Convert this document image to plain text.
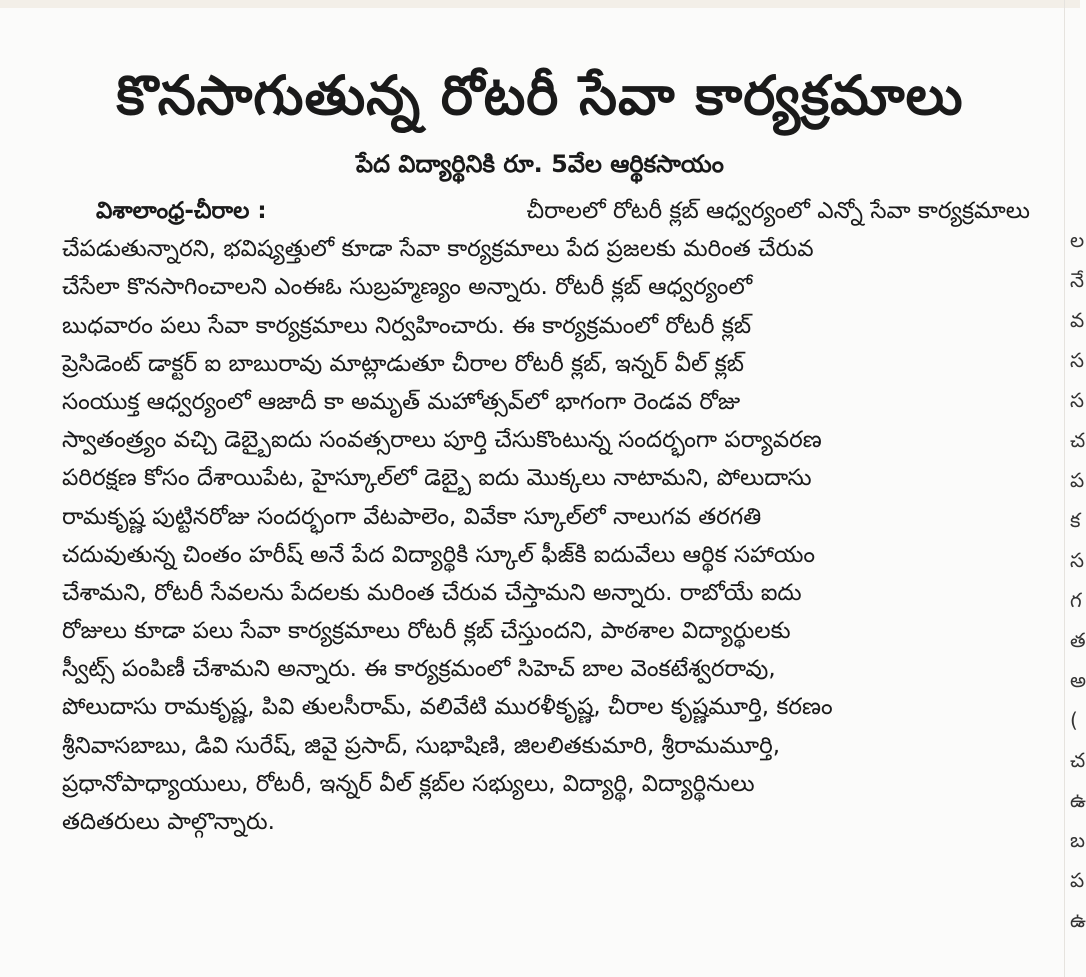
కొనసాగుతున్న రోటరీ సేవా కార్యక్రమాలు
పేద విద్యార్థినికి రూ. 5వేల ఆర్థికసాయం
విశాలాంధ్ర-చీరాల :	చీరాలలో రోటరీ క్లబ్ ఆధ్వర్యంలో ఎన్నో సేవా కార్యక్రమాలు
చేపడుతున్నారని, భవిష్యత్తులో కూడా సేవా కార్యక్రమాలు పేద ప్రజలకు మరింత చేరువ
చేసేలా కొనసాగించాలని ఎంఈఓ సుబ్రహ్మణ్యం అన్నారు. రోటరీ క్లబ్ ఆధ్వర్యంలో
బుధవారం పలు సేవా కార్యక్రమాలు నిర్వహించారు. ఈ కార్యక్రమంలో రోటరీ క్లబ్
ప్రెసిడెంట్ డాక్టర్ ఐ బాబురావు మాట్లాడుతూ చీరాల రోటరీ క్లబ్, ఇన్నర్ వీల్ క్లబ్
సంయుక్త ఆధ్వర్యంలో ఆజాదీ కా అమృత్ మహోత్సవ్‌లో భాగంగా రెండవ రోజు
స్వాతంత్ర్యం వచ్చి డెబ్బైఐదు సంవత్సరాలు పూర్తి చేసుకొంటున్న సందర్భంగా పర్యావరణ
పరిరక్షణ కోసం దేశాయిపేట, హైస్కూల్‌లో డెబ్బై ఐదు మొక్కలు నాటామని, పోలుదాసు
రామకృష్ణ పుట్టినరోజు సందర్భంగా వేటపాలెం, వివేకా స్కూల్‌లో నాలుగవ తరగతి
చదువుతున్న చింతం హరీష్ అనే పేద విద్యార్థికి స్కూల్ ఫీజ్‌కి ఐదువేలు ఆర్థిక సహాయం
చేశామని, రోటరీ సేవలను పేదలకు మరింత చేరువ చేస్తామని అన్నారు. రాబోయే ఐదు
రోజులు కూడా పలు సేవా కార్యక్రమాలు రోటరీ క్లబ్ చేస్తుందని, పాఠశాల విద్యార్థులకు
స్వీట్స్ పంపిణీ చేశామని అన్నారు. ఈ కార్యక్రమంలో సిహెచ్ బాల వెంకటేశ్వరరావు,
పోలుదాసు రామకృష్ణ, పివి తులసీరామ్, వలివేటి మురళీకృష్ణ, చీరాల కృష్ణమూర్తి, కరణం
శ్రీనివాసబాబు, డివి సురేష్, జివై ప్రసాద్, సుభాషిణి, జిలలితకుమారి, శ్రీరామమూర్తి,
ప్రధానోపాధ్యాయులు, రోటరీ, ఇన్నర్ వీల్ క్లబ్‌ల సభ్యులు, విద్యార్థి, విద్యార్థినులు
తదితరులు పాల్గొన్నారు.
ల
నే
వ
స
స
చ
ప
క
స
గ
త
అ
(
చ
ఉ
బ
ప
ఉ
